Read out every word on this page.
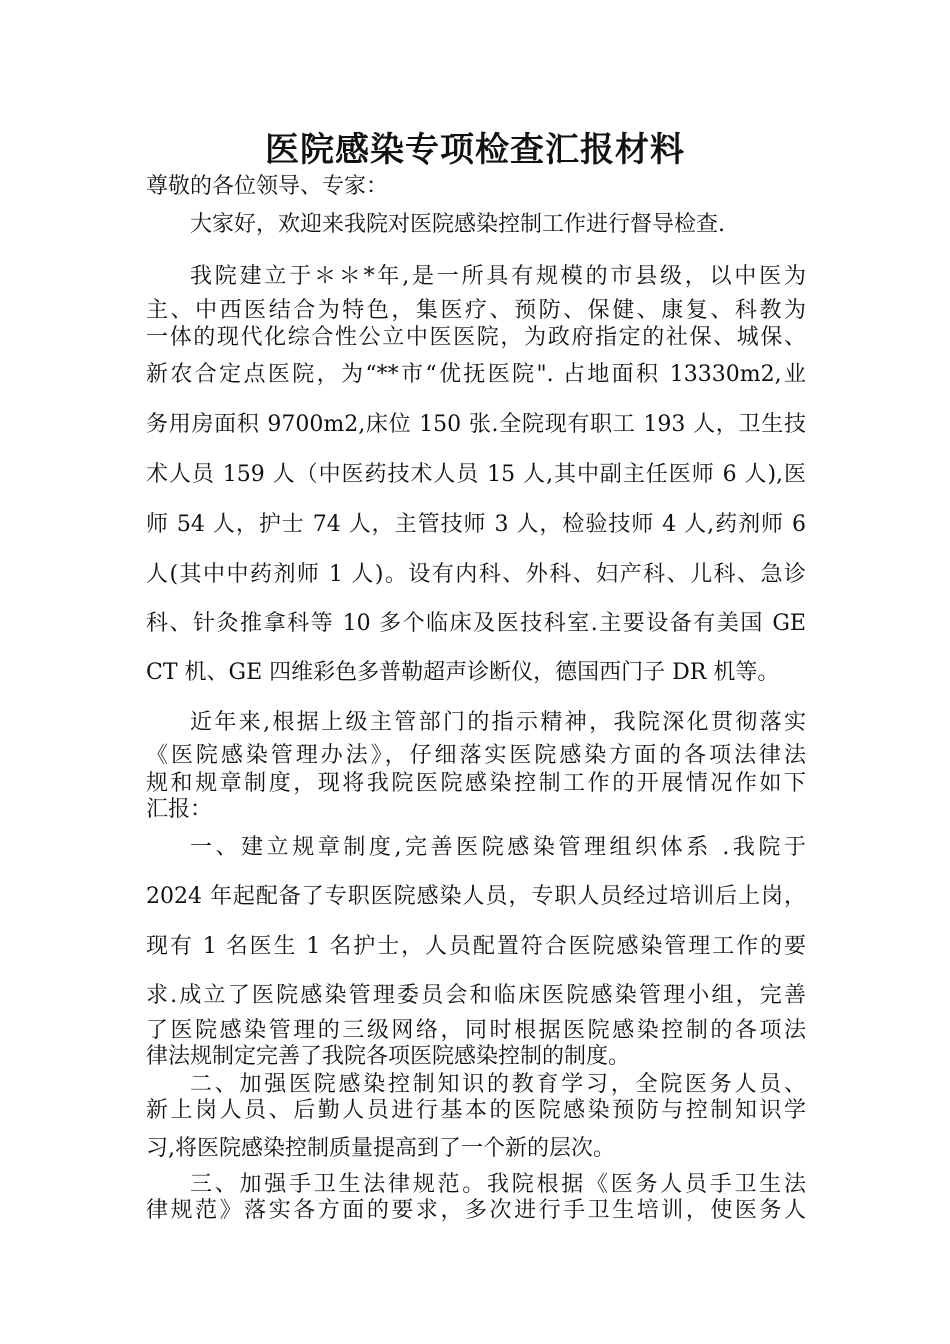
医院感染专项检查汇报材料
尊敬的各位领导、专家：
大家好，欢迎来我院对医院感染控制工作进行督导检查.
我院建立于＊＊*年,是一所具有规模的市县级，以中医为
主、中西医结合为特色，集医疗、预防、保健、康复、科教为
一体的现代化综合性公立中医医院，为政府指定的社保、城保、
新农合定点医院，为“**市“优抚医院". 占地面积 13330m2,业
务用房面积 9700m2,床位 150 张.全院现有职工 193 人，卫生技
术人员 159 人（中医药技术人员 15 人,其中副主任医师 6 人),医
师 54 人，护士 74 人，主管技师 3 人，检验技师 4 人,药剂师 6
人(其中中药剂师 1 人)。设有内科、外科、妇产科、儿科、急诊
科、针灸推拿科等 10 多个临床及医技科室.主要设备有美国 GE
CT 机、GE 四维彩色多普勒超声诊断仪，德国西门子 DR 机等。
近年来,根据上级主管部门的指示精神，我院深化贯彻落实
《医院感染管理办法》，仔细落实医院感染方面的各项法律法
规和规章制度，现将我院医院感染控制工作的开展情况作如下
汇报：
一、建立规章制度,完善医院感染管理组织体系 .我院于
2024 年起配备了专职医院感染人员，专职人员经过培训后上岗，
现有 1 名医生 1 名护士，人员配置符合医院感染管理工作的要
求.成立了医院感染管理委员会和临床医院感染管理小组，完善
了医院感染管理的三级网络，同时根据医院感染控制的各项法
律法规制定完善了我院各项医院感染控制的制度。
二、加强医院感染控制知识的教育学习，全院医务人员、
新上岗人员、后勤人员进行基本的医院感染预防与控制知识学
习,将医院感染控制质量提高到了一个新的层次。
三、加强手卫生法律规范。我院根据《医务人员手卫生法
律规范》落实各方面的要求，多次进行手卫生培训，使医务人
